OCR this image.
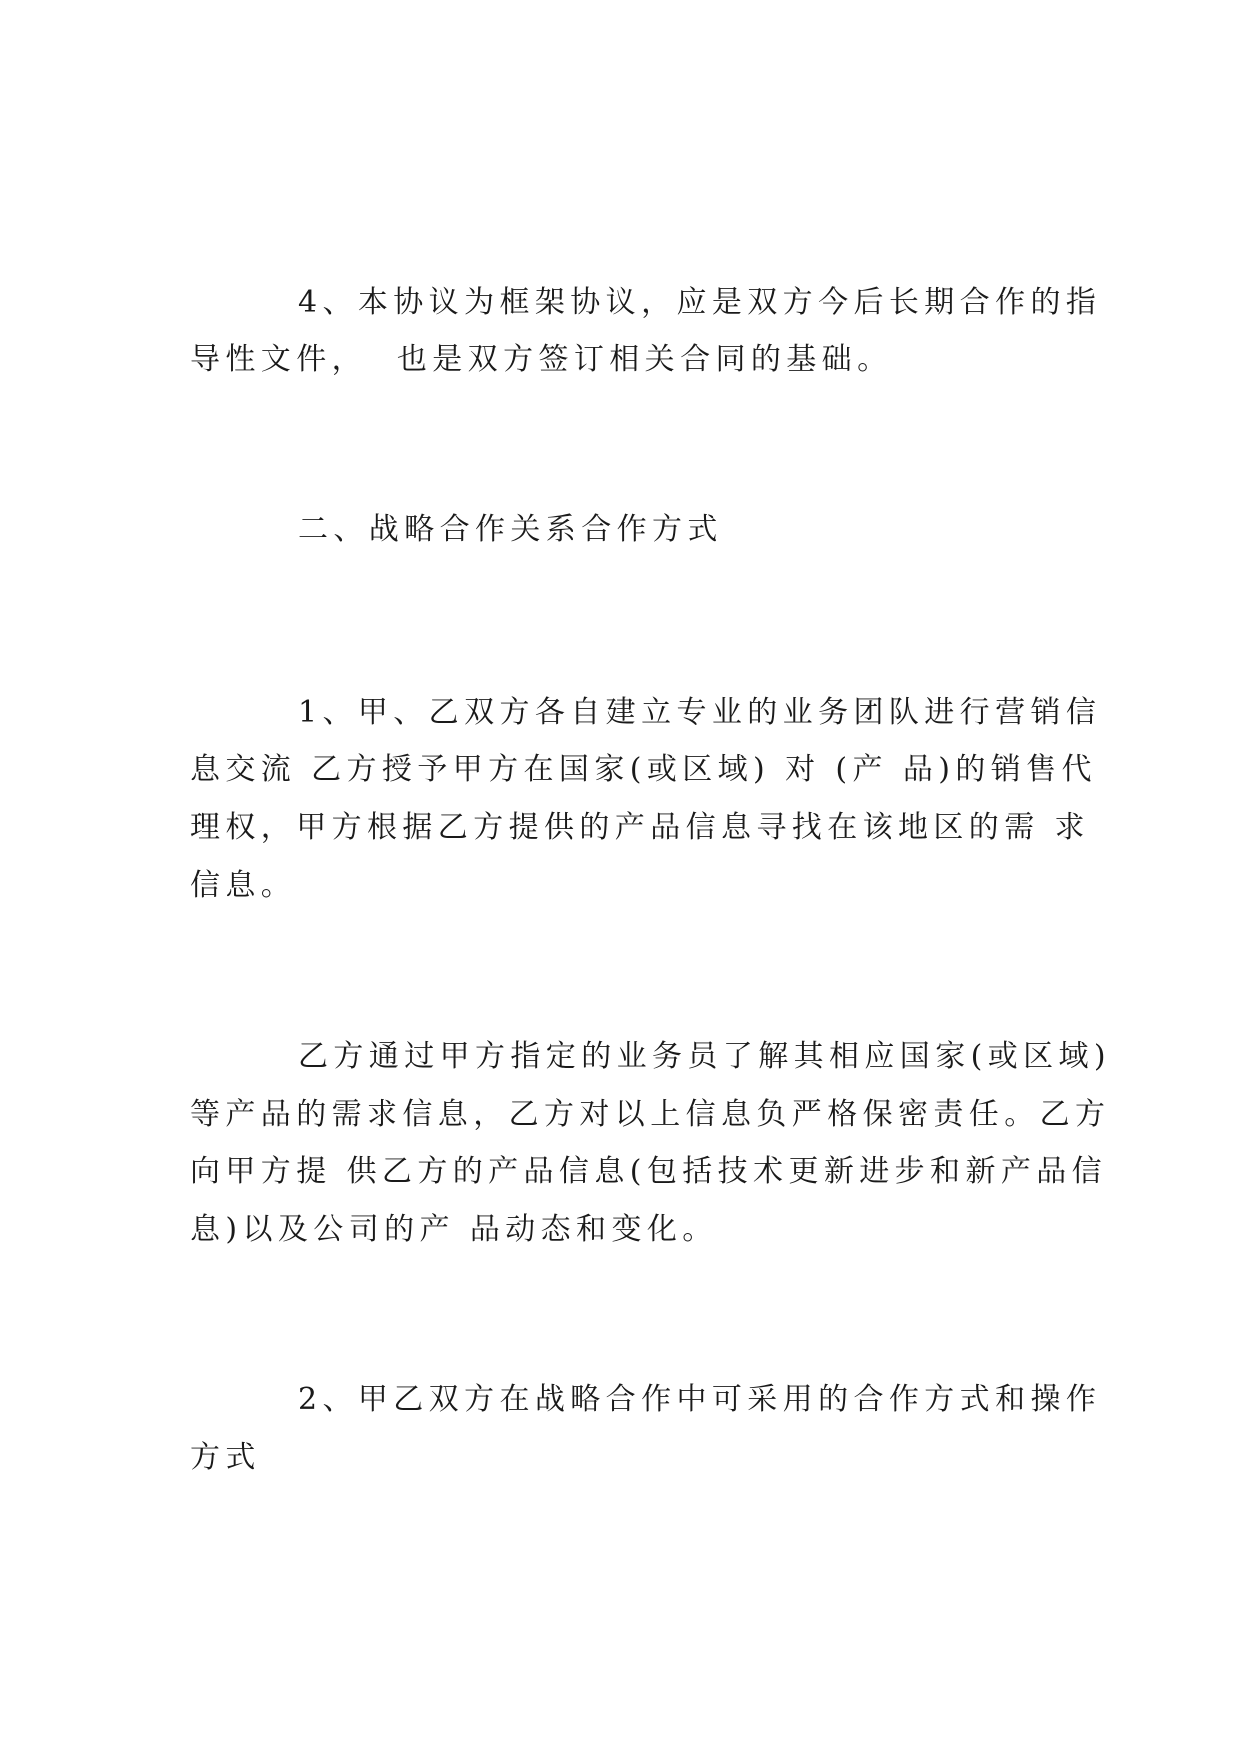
4、本协议为框架协议，应是双方今后长期合作的指
导性文件，  也是双方签订相关合同的基础。
二、战略合作关系合作方式
1、甲、乙双方各自建立专业的业务团队进行营销信
息交流 乙方授予甲方在国家(或区域) 对 (产 品)的销售代
理权，甲方根据乙方提供的产品信息寻找在该地区的需 求
信息。
乙方通过甲方指定的业务员了解其相应国家(或区域)
等产品的需求信息，乙方对以上信息负严格保密责任。乙方
向甲方提 供乙方的产品信息(包括技术更新进步和新产品信
息)以及公司的产 品动态和变化。
2、甲乙双方在战略合作中可采用的合作方式和操作
方式
